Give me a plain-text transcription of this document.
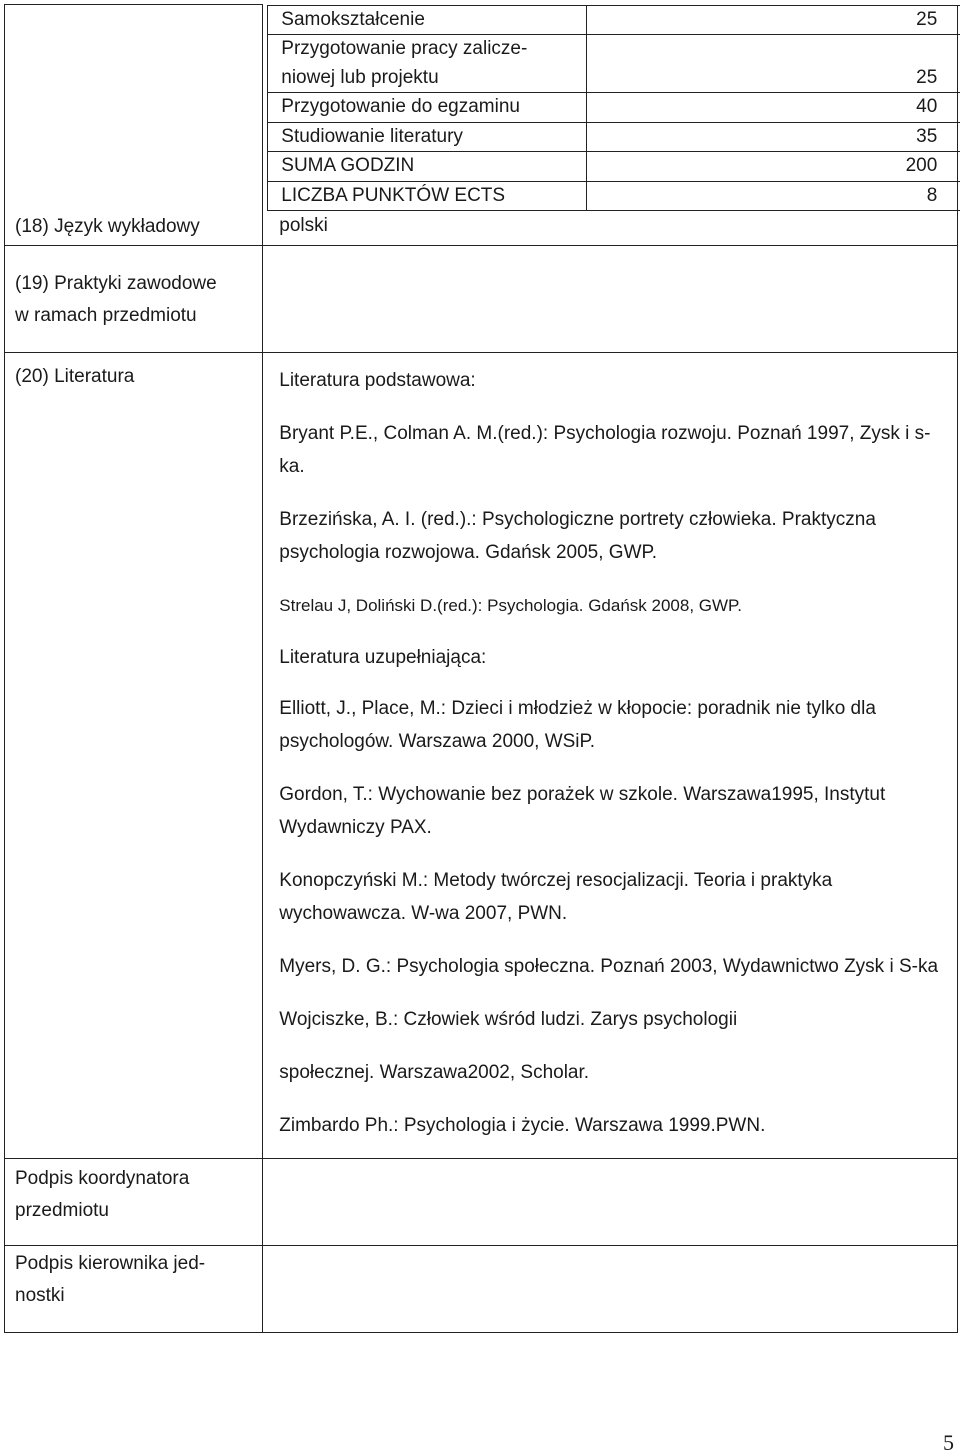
(18) Język wykładowy

Samokształcenie	25

Przygotowanie pracy zalicze-
niowej lub projektu	25

Przygotowanie do egzaminu	40

Studiowanie literatury	35

SUMA GODZIN	200

LICZBA PUNKTÓW ECTS	8
polski

(19) Praktyki zawodowe
w ramach przedmiotu

(20) Literatura	Literatura podstawowa:
Bryant P.E., Colman A. M.(red.): Psychologia rozwoju. Poznań 1997, Zysk i s-ka.
Brzezińska, A. I. (red.).: Psychologiczne portrety człowieka. Praktyczna psychologia rozwojowa. Gdańsk 2005, GWP.
Strelau J, Doliński D.(red.): Psychologia. Gdańsk 2008, GWP.
Literatura uzupełniająca:
Elliott, J., Place, M.: Dzieci i młodzież w kłopocie: poradnik nie tylko dla psychologów. Warszawa 2000, WSiP.
Gordon, T.: Wychowanie bez porażek w szkole. Warszawa1995, Instytut Wydawniczy PAX.
Konopczyński M.: Metody twórczej resocjalizacji. Teoria i praktyka wychowawcza. W-wa 2007, PWN.
Myers, D. G.: Psychologia społeczna. Poznań 2003, Wydawnictwo Zysk i S-ka
Wojciszke, B.: Człowiek wśród ludzi. Zarys psychologii
społecznej. Warszawa2002, Scholar.
Zimbardo Ph.: Psychologia i życie. Warszawa 1999.PWN.

Podpis koordynatora
przedmiotu

Podpis kierownika jed-
nostki

5
